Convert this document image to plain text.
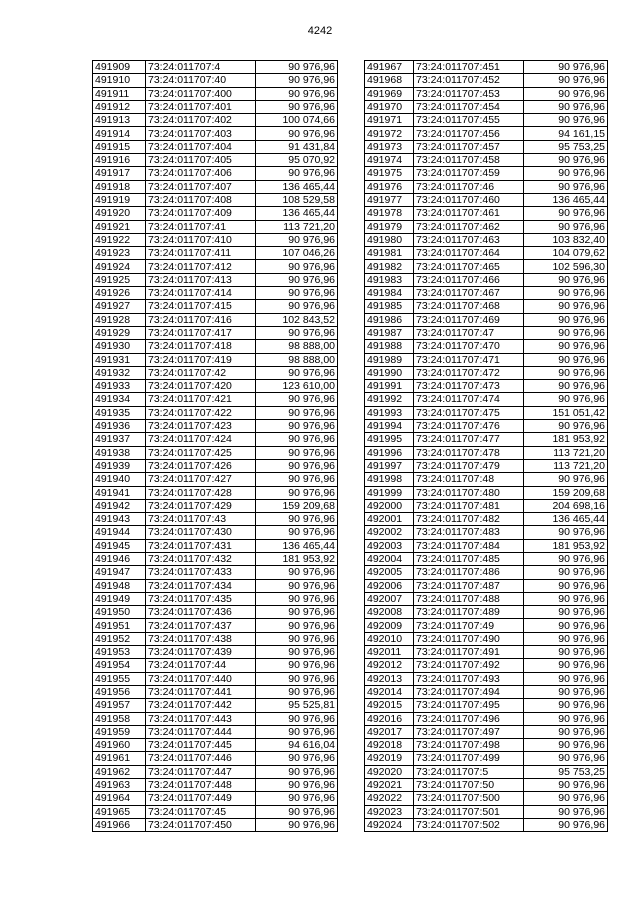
4242
491909	73:24:011707:4	90 976,96
491910	73:24:011707:40	90 976,96
491911	73:24:011707:400	90 976,96
491912	73:24:011707:401	90 976,96
491913	73:24:011707:402	100 074,66
491914	73:24:011707:403	90 976,96
491915	73:24:011707:404	91 431,84
491916	73:24:011707:405	95 070,92
491917	73:24:011707:406	90 976,96
491918	73:24:011707:407	136 465,44
491919	73:24:011707:408	108 529,58
491920	73:24:011707:409	136 465,44
491921	73:24:011707:41	113 721,20
491922	73:24:011707:410	90 976,96
491923	73:24:011707:411	107 046,26
491924	73:24:011707:412	90 976,96
491925	73:24:011707:413	90 976,96
491926	73:24:011707:414	90 976,96
491927	73:24:011707:415	90 976,96
491928	73:24:011707:416	102 843,52
491929	73:24:011707:417	90 976,96
491930	73:24:011707:418	98 888,00
491931	73:24:011707:419	98 888,00
491932	73:24:011707:42	90 976,96
491933	73:24:011707:420	123 610,00
491934	73:24:011707:421	90 976,96
491935	73:24:011707:422	90 976,96
491936	73:24:011707:423	90 976,96
491937	73:24:011707:424	90 976,96
491938	73:24:011707:425	90 976,96
491939	73:24:011707:426	90 976,96
491940	73:24:011707:427	90 976,96
491941	73:24:011707:428	90 976,96
491942	73:24:011707:429	159 209,68
491943	73:24:011707:43	90 976,96
491944	73:24:011707:430	90 976,96
491945	73:24:011707:431	136 465,44
491946	73:24:011707:432	181 953,92
491947	73:24:011707:433	90 976,96
491948	73:24:011707:434	90 976,96
491949	73:24:011707:435	90 976,96
491950	73:24:011707:436	90 976,96
491951	73:24:011707:437	90 976,96
491952	73:24:011707:438	90 976,96
491953	73:24:011707:439	90 976,96
491954	73:24:011707:44	90 976,96
491955	73:24:011707:440	90 976,96
491956	73:24:011707:441	90 976,96
491957	73:24:011707:442	95 525,81
491958	73:24:011707:443	90 976,96
491959	73:24:011707:444	90 976,96
491960	73:24:011707:445	94 616,04
491961	73:24:011707:446	90 976,96
491962	73:24:011707:447	90 976,96
491963	73:24:011707:448	90 976,96
491964	73:24:011707:449	90 976,96
491965	73:24:011707:45	90 976,96
491966	73:24:011707:450	90 976,96
491967	73:24:011707:451	90 976,96
491968	73:24:011707:452	90 976,96
491969	73:24:011707:453	90 976,96
491970	73:24:011707:454	90 976,96
491971	73:24:011707:455	90 976,96
491972	73:24:011707:456	94 161,15
491973	73:24:011707:457	95 753,25
491974	73:24:011707:458	90 976,96
491975	73:24:011707:459	90 976,96
491976	73:24:011707:46	90 976,96
491977	73:24:011707:460	136 465,44
491978	73:24:011707:461	90 976,96
491979	73:24:011707:462	90 976,96
491980	73:24:011707:463	103 832,40
491981	73:24:011707:464	104 079,62
491982	73:24:011707:465	102 596,30
491983	73:24:011707:466	90 976,96
491984	73:24:011707:467	90 976,96
491985	73:24:011707:468	90 976,96
491986	73:24:011707:469	90 976,96
491987	73:24:011707:47	90 976,96
491988	73:24:011707:470	90 976,96
491989	73:24:011707:471	90 976,96
491990	73:24:011707:472	90 976,96
491991	73:24:011707:473	90 976,96
491992	73:24:011707:474	90 976,96
491993	73:24:011707:475	151 051,42
491994	73:24:011707:476	90 976,96
491995	73:24:011707:477	181 953,92
491996	73:24:011707:478	113 721,20
491997	73:24:011707:479	113 721,20
491998	73:24:011707:48	90 976,96
491999	73:24:011707:480	159 209,68
492000	73:24:011707:481	204 698,16
492001	73:24:011707:482	136 465,44
492002	73:24:011707:483	90 976,96
492003	73:24:011707:484	181 953,92
492004	73:24:011707:485	90 976,96
492005	73:24:011707:486	90 976,96
492006	73:24:011707:487	90 976,96
492007	73:24:011707:488	90 976,96
492008	73:24:011707:489	90 976,96
492009	73:24:011707:49	90 976,96
492010	73:24:011707:490	90 976,96
492011	73:24:011707:491	90 976,96
492012	73:24:011707:492	90 976,96
492013	73:24:011707:493	90 976,96
492014	73:24:011707:494	90 976,96
492015	73:24:011707:495	90 976,96
492016	73:24:011707:496	90 976,96
492017	73:24:011707:497	90 976,96
492018	73:24:011707:498	90 976,96
492019	73:24:011707:499	90 976,96
492020	73:24:011707:5	95 753,25
492021	73:24:011707:50	90 976,96
492022	73:24:011707:500	90 976,96
492023	73:24:011707:501	90 976,96
492024	73:24:011707:502	90 976,96
